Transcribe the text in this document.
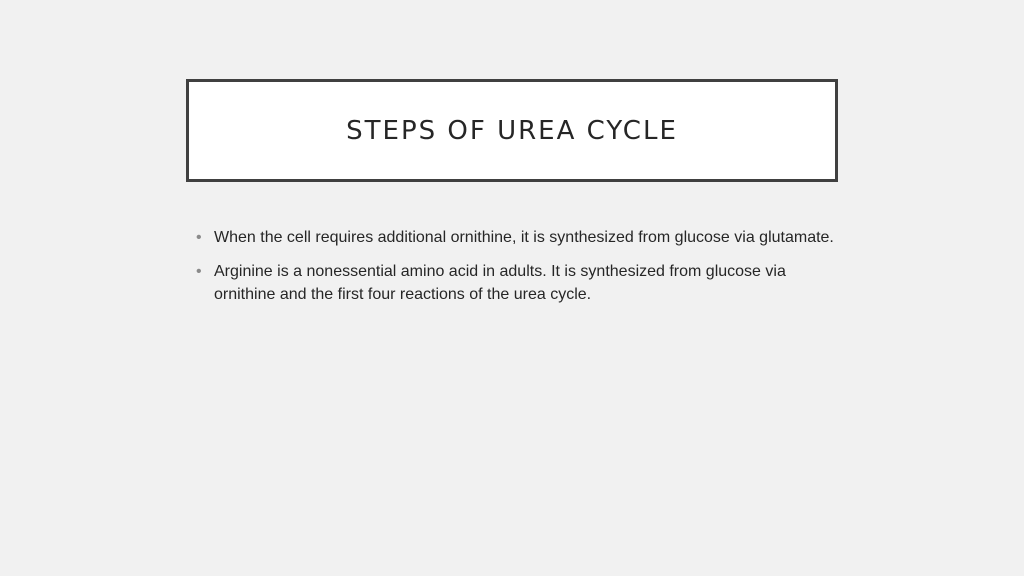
STEPS OF UREA CYCLE
• When the cell requires additional ornithine, it is synthesized from glucose via glutamate.
• Arginine is a nonessential amino acid in adults. It is synthesized from glucose via ornithine and the first four reactions of the urea cycle.
